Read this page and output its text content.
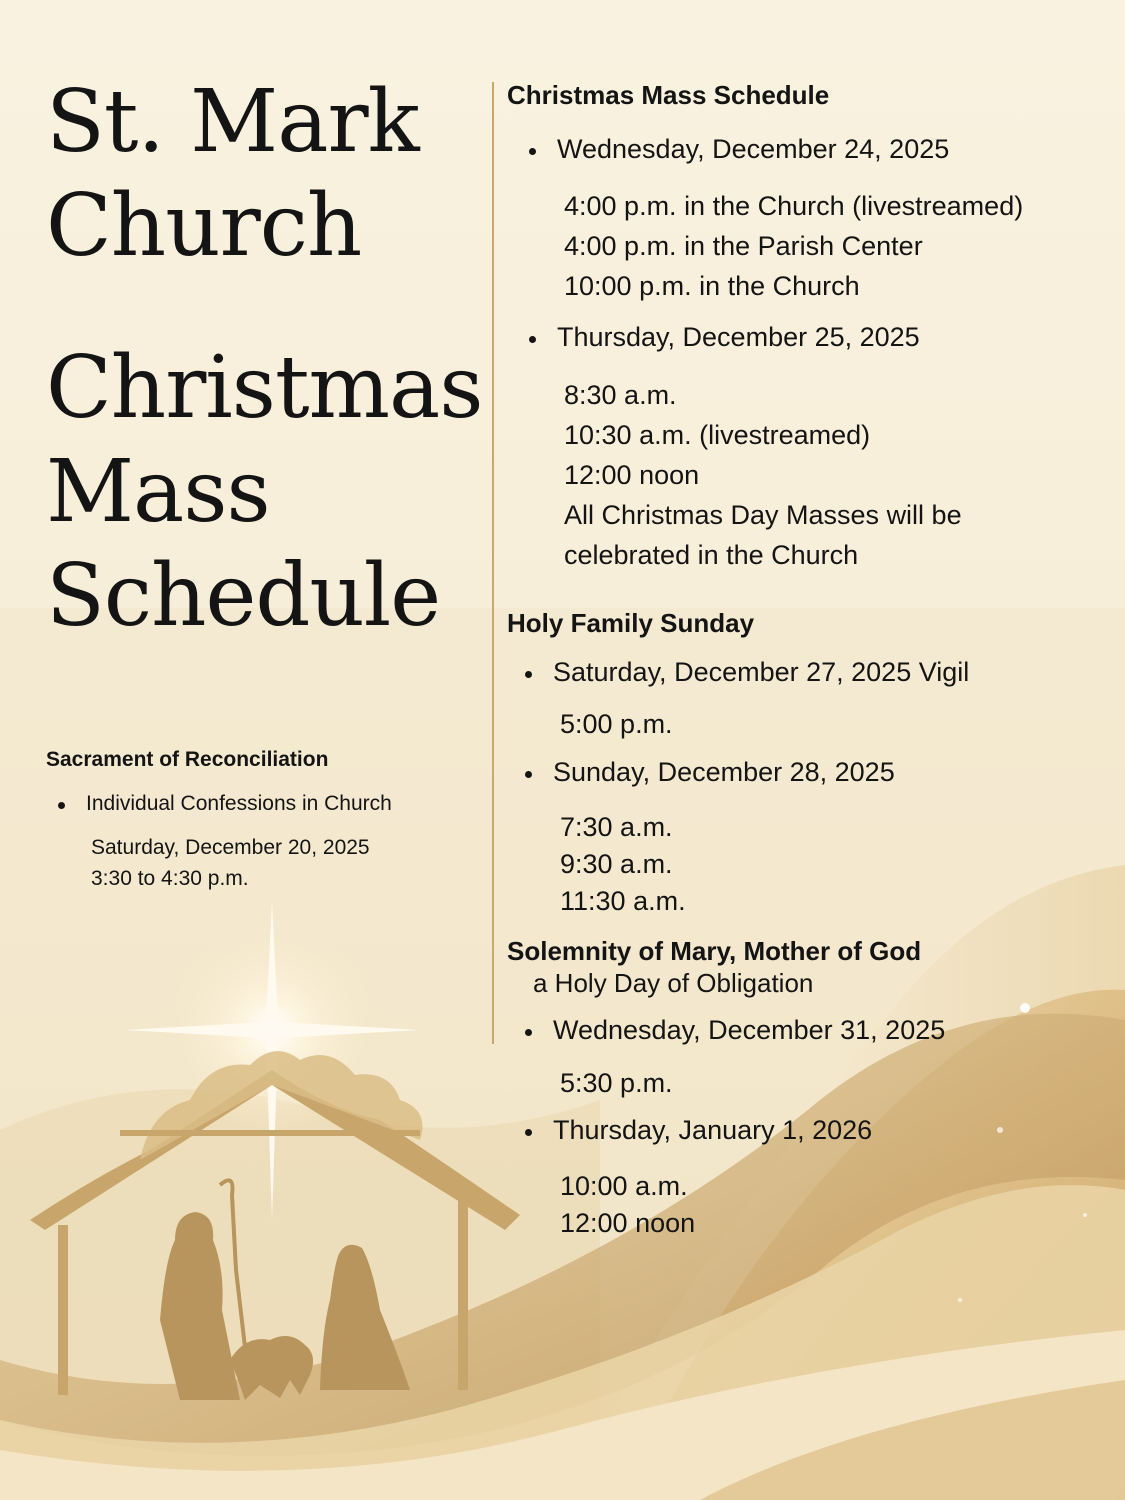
St. Mark Church
Christmas Mass Schedule
Sacrament of Reconciliation
Individual Confessions in Church
Saturday, December 20, 2025
3:30 to 4:30 p.m.
Christmas Mass Schedule
Wednesday, December 24, 2025
4:00 p.m. in the Church (livestreamed)
4:00 p.m. in the Parish Center
10:00 p.m. in the Church
Thursday, December 25, 2025
8:30 a.m.
10:30 a.m. (livestreamed)
12:00 noon
All Christmas Day Masses will be
celebrated in the Church
Holy Family Sunday
Saturday, December 27, 2025 Vigil
5:00 p.m.
Sunday, December 28, 2025
7:30 a.m.
9:30 a.m.
11:30 a.m.
Solemnity of Mary, Mother of God
a Holy Day of Obligation
Wednesday, December 31, 2025
5:30 p.m.
Thursday, January 1, 2026
10:00 a.m.
12:00 noon
